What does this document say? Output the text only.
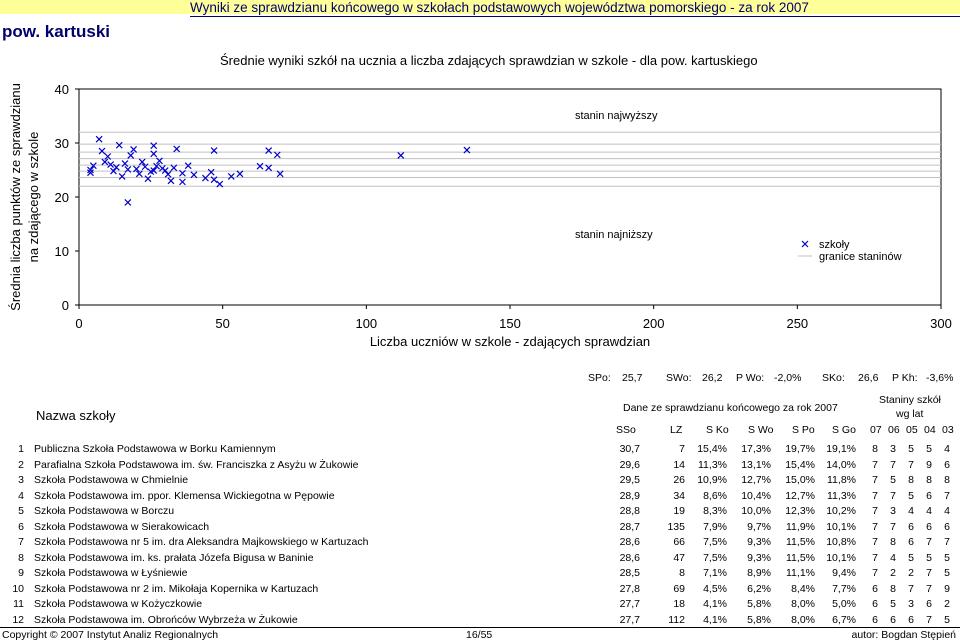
pow. kartuski
Wyniki ze sprawdzianu końcowego w szkołach podstawowych województwa pomorskiego - za rok 2007
Średnie wyniki szkół na ucznia a liczba zdających sprawdzian w szkole - dla pow. kartuskiego
Średnia liczba punktów ze sprawdzianu na zdającego w szkole
0
10
20
30
40
0	50	100	150	200	250	300
stanin najwyższy
stanin najniższy
szkoły
granice staninów
Liczba uczniów w szkole - zdających sprawdzian
SPo: 25,7 SWo: 26,2 P Wo: -2,0% SKo: 26,6 P Kh: -3,6%
Nazwa szkoły	Dane ze sprawdzianu końcowego za rok 2007
Staniny szkół
wg lat
SSo	LZ S Ko S Wo S Po S Go 07 06 05 04 03
1 Publiczna Szkoła Podstawowa w Borku Kamiennym	30,7	7 15,4% 17,3% 19,7% 19,1% 8 3 5 5 4
2 Parafialna Szkoła Podstawowa im. św. Franciszka z Asyżu w Żukowie	29,6	14 11,3% 13,1% 15,4% 14,0% 7 7 7 9 6
3 Szkoła Podstawowa w Chmielnie	29,5	26 10,9% 12,7% 15,0% 11,8% 7 5 8 8 8
4 Szkoła Podstawowa im. ppor. Klemensa Wickiegotna w Pępowie	28,9	34 8,6% 10,4% 12,7% 11,3% 7 7 5 6 7
5 Szkoła Podstawowa w Borczu	28,8	19 8,3% 10,0% 12,3% 10,2% 7 3 4 4 4
6 Szkoła Podstawowa w Sierakowicach	28,7	135 7,9% 9,7% 11,9% 10,1% 7 7 6 6 6
7 Szkoła Podstawowa nr 5 im. dra Aleksandra Majkowskiego w Kartuzach	28,6	66 7,5% 9,3% 11,5% 10,8% 7 8 6 7 7
8 Szkoła Podstawowa im. ks. prałata Józefa Bigusa w Baninie	28,6	47 7,5% 9,3% 11,5% 10,1% 7 4 5 5 5
9 Szkoła Podstawowa w Łyśniewie	28,5	8 7,1% 8,9% 11,1% 9,4% 7 2 2 7 5
10 Szkoła Podstawowa nr 2 im. Mikołaja Kopernika w Kartuzach	27,8	69 4,5% 6,2% 8,4% 7,7% 6 8 7 7 9
11 Szkoła Podstawowa w Kożyczkowie	27,7	18 4,1% 5,8% 8,0% 5,0% 6 5 3 6 2
12 Szkoła Podstawowa im. Obrońców Wybrzeża w Żukowie	27,7	112 4,1% 5,8% 8,0% 6,7% 6 6 6 7 5
Copyright © 2007 Instytut Analiz Regionalnych	16/55	autor: Bogdan Stępień
